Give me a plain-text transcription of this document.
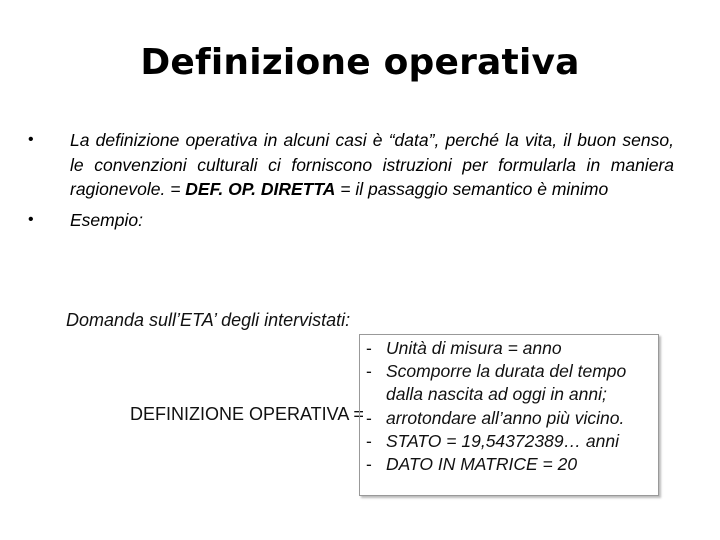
Definizione operativa
•	La definizione operativa in alcuni casi è “data”, perché la vita, il buon senso, le convenzioni culturali ci forniscono istruzioni per formularla in maniera ragionevole. = DEF. OP. DIRETTA = il passaggio semantico è minimo
•	Esempio:
Domanda sull’ETA’ degli intervistati:
DEFINIZIONE OPERATIVA =
- Unità di misura = anno
- Scomporre la durata del tempo
dalla nascita ad oggi in anni;
- arrotondare all’anno più vicino.
- STATO = 19,54372389… anni
- DATO IN MATRICE = 20
